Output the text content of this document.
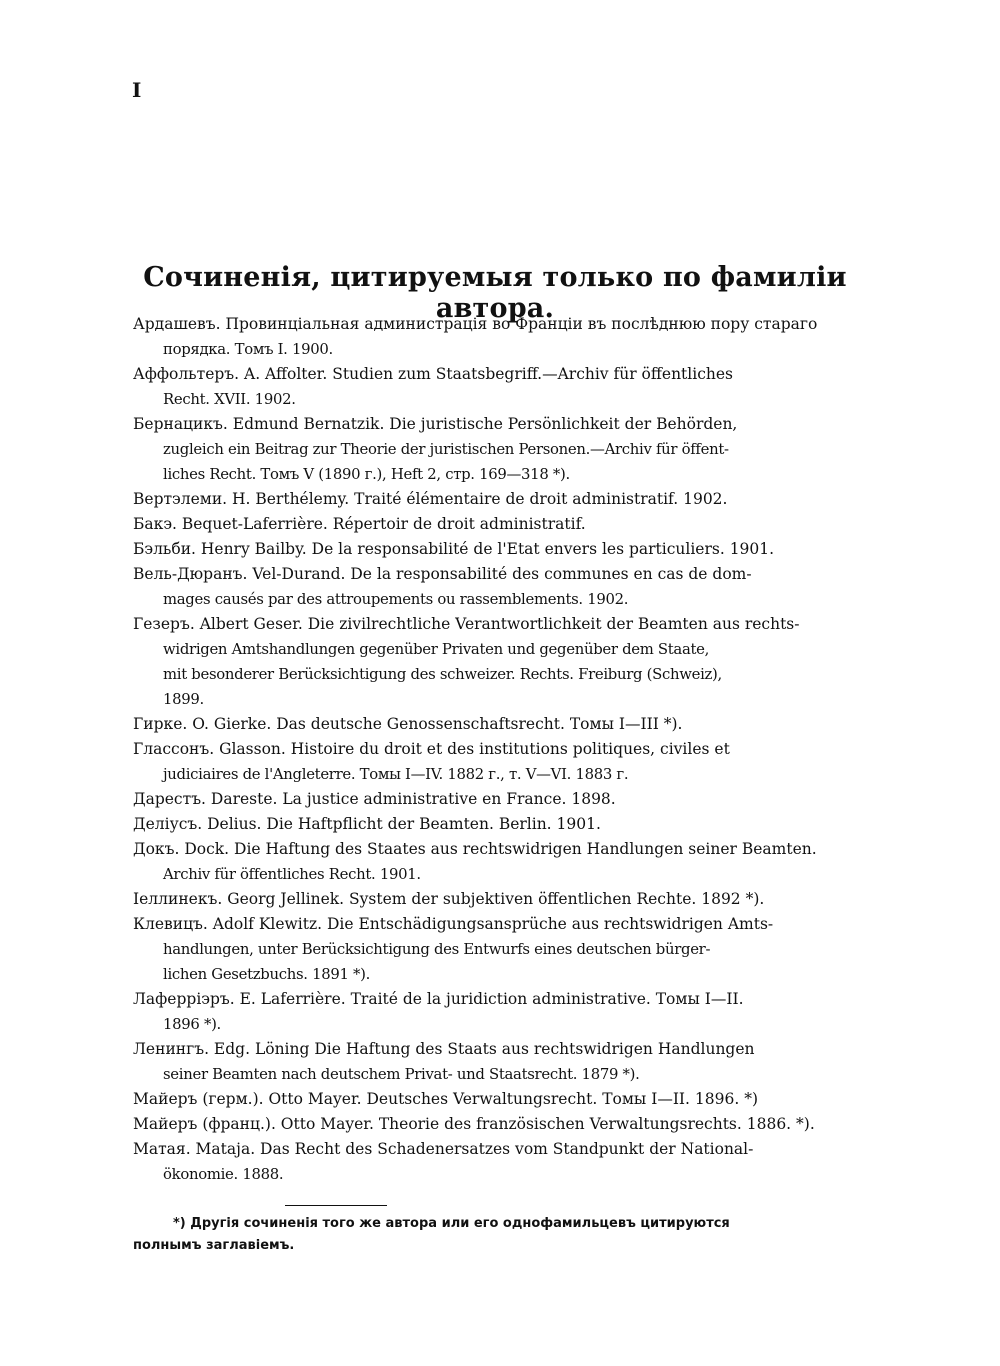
I
Сочиненія, цитируемыя только по фамиліи автора.
Ардашевъ. Провинціальная администрація во Франціи въ послѣднюю пору стараго
порядка. Томъ I. 1900.
Аффольтеръ. A. Affolter. Studien zum Staatsbegriff.—Archiv für öffentliches
Recht. XVII. 1902.
Бернацикъ. Edmund Bernatzik. Die juristische Persönlichkeit der Behörden,
zugleich ein Beitrag zur Theorie der juristischen Personen.—Archiv für öffent-
liches Recht. Томъ V (1890 г.), Heft 2, стр. 169—318 *).
Вертэлеми. H. Berthélemy. Traité élémentaire de droit administratif. 1902.
Бакэ. Bequet-Laferrière. Répertoir de droit administratif.
Бэльби. Henry Bailby. De la responsabilité de l'Etat envers les particuliers. 1901.
Вель-Дюранъ. Vel-Durand. De la responsabilité des communes en cas de dom-
mages causés par des attroupements ou rassemblements. 1902.
Гезеръ. Albert Geser. Die zivilrechtliche Verantwortlichkeit der Beamten aus rechts-
widrigen Amtshandlungen gegenüber Privaten und gegenüber dem Staate,
mit besonderer Berücksichtigung des schweizer. Rechts. Freiburg (Schweiz),
1899.
Гирке. O. Gierke. Das deutsche Genossenschaftsrecht. Томы I—III *).
Глассонъ. Glasson. Histoire du droit et des institutions politiques, civiles et
judiciaires de l'Angleterre. Томы I—IV. 1882 г., т. V—VI. 1883 г.
Дарестъ. Dareste. La justice administrative en France. 1898.
Делiусъ. Delius. Die Haftpflicht der Beamten. Berlin. 1901.
Докъ. Dock. Die Haftung des Staates aus rechtswidrigen Handlungen seiner Beamten.
Archiv für öffentliches Recht. 1901.
Iеллинекъ. Georg Jellinek. System der subjektiven öffentlichen Rechte. 1892 *).
Клевицъ. Adolf Klewitz. Die Entschädigungsansprüche aus rechtswidrigen Amts-
handlungen, unter Berücksichtigung des Entwurfs eines deutschen bürger-
lichen Gesetzbuchs. 1891 *).
Лаферрiэръ. E. Laferrière. Traité de la juridiction administrative. Томы I—II.
1896 *).
Ленингъ. Edg. Löning Die Haftung des Staats aus rechtswidrigen Handlungen
seiner Beamten nach deutschem Privat- und Staatsrecht. 1879 *).
Майеръ (герм.). Otto Mayer. Deutsches Verwaltungsrecht. Томы I—II. 1896. *)
Майеръ (франц.). Otto Mayer. Theorie des französischen Verwaltungsrechts. 1886. *).
Матая. Mataja. Das Recht des Schadenersatzes vom Standpunkt der National-
ökonomie. 1888.
*) Другія сочиненія того же автора или его однофамильцевъ цитируются
полнымъ заглавіемъ.
